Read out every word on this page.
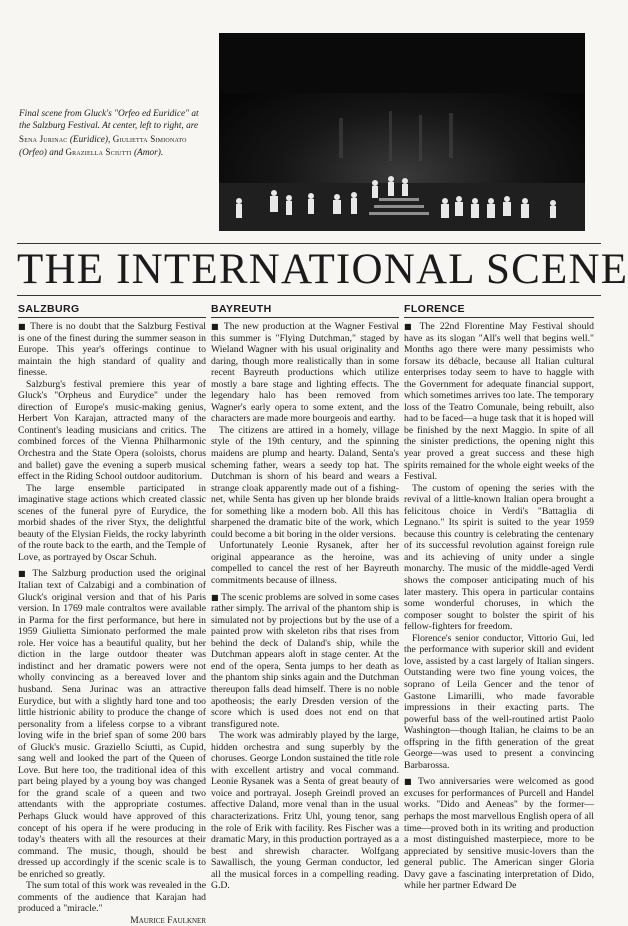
Final scene from Gluck's "Orfeo ed Euridice" at the Salzburg Festival. At center, left to right, are Sena Jurinac (Euridice), Giulietta Simionato (Orfeo) and Graziella Sciutti (Amor).
THE INTERNATIONAL SCENE
SALZBURG

■ There is no doubt that the Salzburg Festival is one of the finest during the summer season in Europe. This year's offerings continue to maintain the high standard of quality and finesse.

Salzburg's festival premiere this year of Gluck's "Orpheus and Eurydice" under the direction of Europe's music-making genius, Herbert Von Karajan, attracted many of the Continent's leading musicians and critics. The combined forces of the Vienna Philharmonic Orchestra and the State Opera (soloists, chorus and ballet) gave the evening a superb musical effect in the Riding School outdoor auditorium.

The large ensemble participated in imaginative stage actions which created classic scenes of the funeral pyre of Eurydice, the morbid shades of the river Styx, the delightful beauty of the Elysian Fields, the rocky labyrinth of the route back to the earth, and the Temple of Love, as portrayed by Oscar Schuh.

■ The Salzburg production used the original Italian text of Calzabigi and a combination of Gluck's original version and that of his Paris version. In 1769 male contraltos were available in Parma for the first performance, but here in 1959 Giulietta Simionato performed the male role. Her voice has a beautiful quality, but her diction in the large outdoor theater was indistinct and her dramatic powers were not wholly convincing as a bereaved lover and husband. Sena Jurinac was an attractive Eurydice, but with a slightly hard tone and too little histrionic ability to produce the change of personality from a lifeless corpse to a vibrant loving wife in the brief span of some 200 bars of Gluck's music. Graziello Sciutti, as Cupid, sang well and looked the part of the Queen of Love. But here too, the traditional idea of this part being played by a young boy was changed for the grand scale of a queen and two attendants with the appropriate costumes. Perhaps Gluck would have approved of this concept of his opera if he were producing in today's theaters with all the resources at their command. The music, though, should be dressed up accordingly if the scenic scale is to be enriched so greatly.

The sum total of this work was revealed in the comments of the audience that Karajan had produced a "miracle."

Maurice Faulkner

BAYREUTH

■ The new production at the Wagner Festival this summer is "Flying Dutchman," staged by Wieland Wagner with his usual originality and daring, though more realistically than in some recent Bayreuth productions which utilize mostly a bare stage and lighting effects. The legendary halo has been removed from Wagner's early opera to some extent, and the characters are made more bourgeois and earthy.

The citizens are attired in a homely, village style of the 19th century, and the spinning maidens are plump and hearty. Daland, Senta's scheming father, wears a seedy top hat. The Dutchman is shorn of his beard and wears a strange cloak apparently made out of a fishing-net, while Senta has given up her blonde braids for something like a modern bob. All this has sharpened the dramatic bite of the work, which could become a bit boring in the older versions.

Unfortunately Leonie Rysanek, after her original appearance as the heroine, was compelled to cancel the rest of her Bayreuth commitments because of illness.

■ The scenic problems are solved in some cases rather simply. The arrival of the phantom ship is simulated not by projections but by the use of a painted prow with skeleton ribs that rises from behind the deck of Daland's ship, while the Dutchman appears aloft in stage center. At the end of the opera, Senta jumps to her death as the phantom ship sinks again and the Dutchman thereupon falls dead himself. There is no noble apotheosis; the early Dresden version of the score which is used does not end on that transfigured note.

The work was admirably played by the large, hidden orchestra and sung superbly by the choruses. George London sustained the title role with excellent artistry and vocal command. Leonie Rysanek was a Senta of great beauty of voice and portrayal. Joseph Greindl proved an affective Daland, more venal than in the usual characterizations. Fritz Uhl, young tenor, sang the role of Erik with facility. Res Fischer was a dramatic Mary, in this production portrayed as a best and shrewish character. Wolfgang Sawallisch, the young German conductor, led all the musical forces in a compelling reading. G.D.

FLORENCE

■ The 22nd Florentine May Festival should have as its slogan "All's well that begins well." Months ago there were many pessimists who forsaw its débacle, because all Italian cultural enterprises today seem to have to haggle with the Government for adequate financial support, which sometimes arrives too late. The temporary loss of the Teatro Comunale, being rebuilt, also had to be faced—a huge task that it is hoped will be finished by the next Maggio. In spite of all the sinister predictions, the opening night this year proved a great success and these high spirits remained for the whole eight weeks of the Festival.

The custom of opening the series with the revival of a little-known Italian opera brought a felicitous choice in Verdi's "Battaglia di Legnano." Its spirit is suited to the year 1959 because this country is celebrating the centenary of its successful revolution against foreign rule and its achieving of unity under a single monarchy. The music of the middle-aged Verdi shows the composer anticipating much of his later mastery. This opera in particular contains some wonderful choruses, in which the composer sought to bolster the spirit of his fellow-fighters for freedom.

Florence's senior conductor, Vittorio Gui, led the performance with superior skill and evident love, assisted by a cast largely of Italian singers. Outstanding were two fine young voices, the soprano of Leila Gencer and the tenor of Gastone Limarilli, who made favorable impressions in their exacting parts. The powerful bass of the well-routined artist Paolo Washington—though Italian, he claims to be an offspring in the fifth generation of the great George—was used to present a convincing Barbarossa.

■ Two anniversaries were welcomed as good excuses for performances of Purcell and Handel works. "Dido and Aeneas" by the former—perhaps the most marvellous English opera of all time—proved both in its writing and production a most distinguished masterpiece, more to be appreciated by sensitive music-lovers than the general public. The American singer Gloria Davy gave a fascinating interpretation of Dido, while her partner Edward De
